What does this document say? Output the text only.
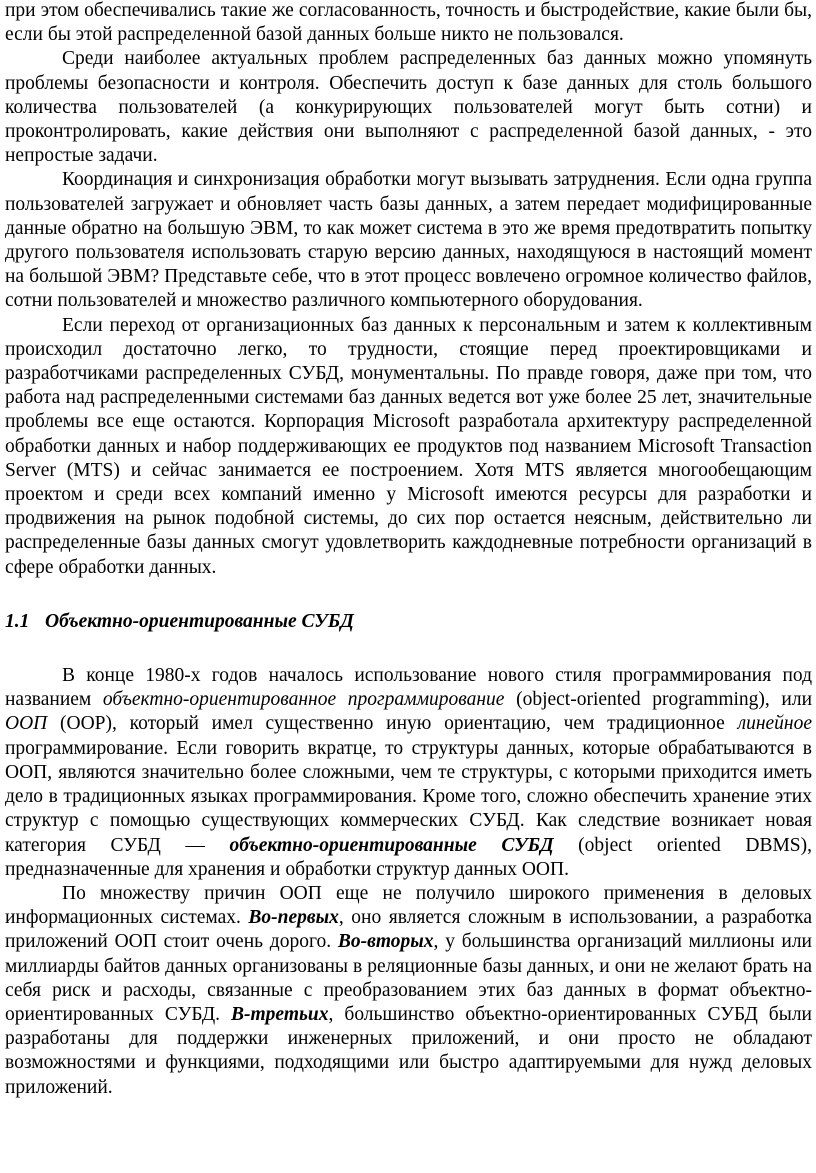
при этом обеспечивались такие же согласованность, точность и быстродействие, какие были бы, если бы этой распределенной базой данных больше никто не пользовался.

Среди наиболее актуальных проблем распределенных баз данных можно упомянуть проблемы безопасности и контроля. Обеспечить доступ к базе данных для столь большого количества пользователей (а конкурирующих пользователей могут быть сотни) и проконтролировать, какие действия они выполняют с распределенной базой данных, - это непростые задачи.

Координация и синхронизация обработки могут вызывать затруднения. Если одна группа пользователей загружает и обновляет часть базы данных, а затем передает модифицированные данные обратно на большую ЭВМ, то как может система в это же время предотвратить попытку другого пользователя использовать старую версию данных, находящуюся в настоящий момент на большой ЭВМ? Представьте себе, что в этот процесс вовлечено огромное количество файлов, сотни пользователей и множество различного компьютерного оборудования.

Если переход от организационных баз данных к персональным и затем к коллективным происходил достаточно легко, то трудности, стоящие перед проектировщиками и разработчиками распределенных СУБД, монументальны. По правде говоря, даже при том, что работа над распределенными системами баз данных ведется вот уже более 25 лет, значительные проблемы все еще остаются. Корпорация Microsoft разработала архитектуру распределенной обработки данных и набор поддерживающих ее продуктов под названием Microsoft Transaction Server (MTS) и сейчас занимается ее построением. Хотя MTS является многообещающим проектом и среди всех компаний именно у Microsoft имеются ресурсы для разработки и продвижения на рынок подобной системы, до сих пор остается неясным, действительно ли распределенные базы данных смогут удовлетворить каждодневные потребности организаций в сфере обработки данных.

1.1 Объектно-ориентированные СУБД

В конце 1980-х годов началось использование нового стиля программирования под названием объектно-ориентированное программирование (object-oriented programming), или ООП (ООР), который имел существенно иную ориентацию, чем традиционное линейное программирование. Если говорить вкратце, то структуры данных, которые обрабатываются в ООП, являются значительно более сложными, чем те структуры, с которыми приходится иметь дело в традиционных языках программирования. Кроме того, сложно обеспечить хранение этих структур с помощью существующих коммерческих СУБД. Как следствие возникает новая категория СУБД — объектно-ориентированные СУБД (object oriented DBMS), предназначенные для хранения и обработки структур данных ООП.

По множеству причин ООП еще не получило широкого применения в деловых информационных системах. Во-первых, оно является сложным в использовании, а разработка приложений ООП стоит очень дорого. Во-вторых, у большинства организаций миллионы или миллиарды байтов данных организованы в реляционные базы данных, и они не желают брать на себя риск и расходы, связанные с преобразованием этих баз данных в формат объектно-ориентированных СУБД. В-третьих, большинство объектно-ориентированных СУБД были разработаны для поддержки инженерных приложений, и они просто не обладают возможностями и функциями, подходящими или быстро адаптируемыми для нужд деловых приложений.
